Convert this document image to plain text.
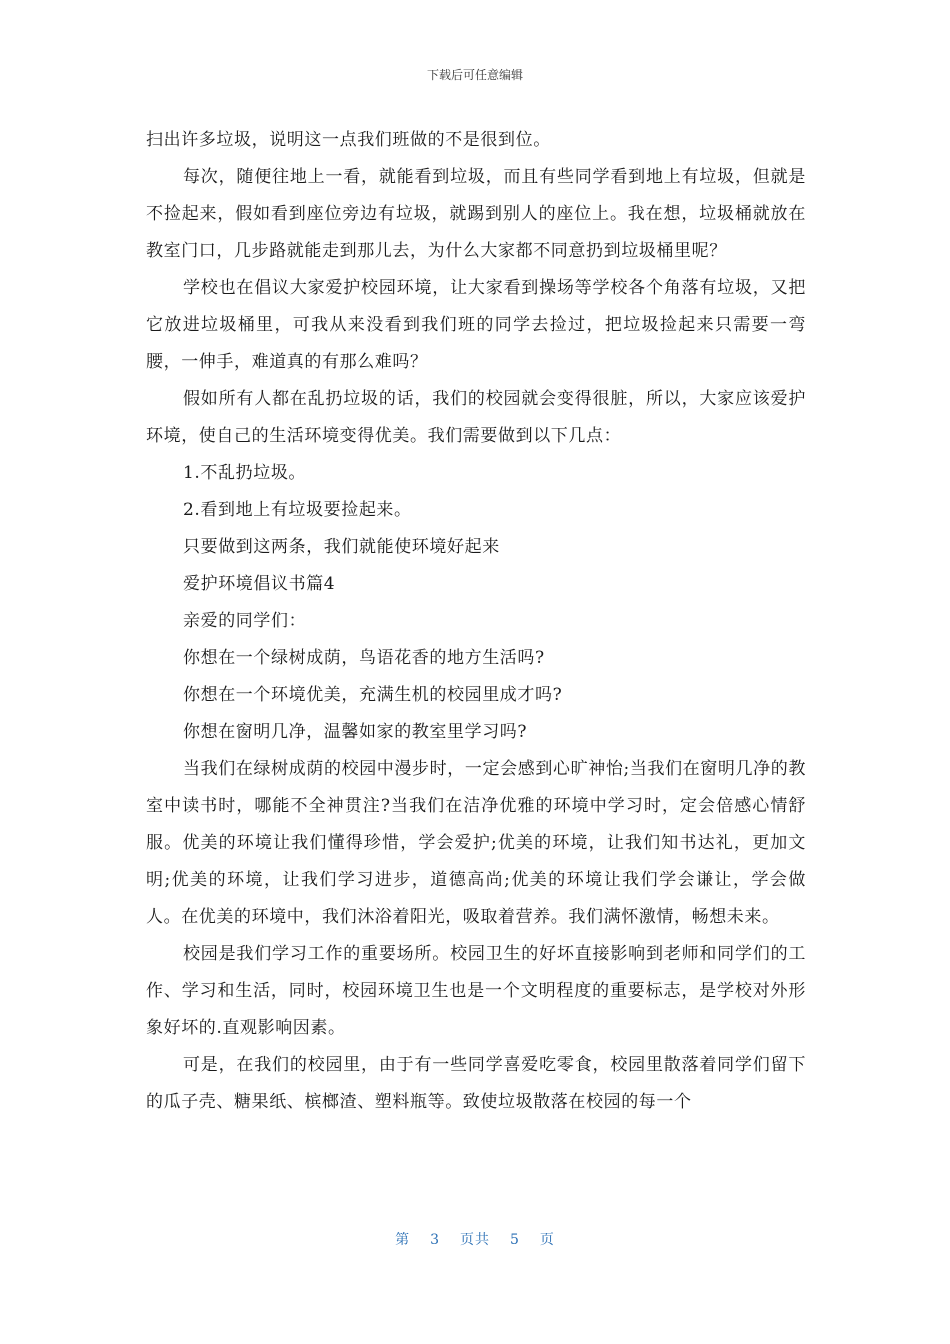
下载后可任意编辑

扫出许多垃圾，说明这一点我们班做的不是很到位。

每次，随便往地上一看，就能看到垃圾，而且有些同学看到地上有垃圾，但就是不捡起来，假如看到座位旁边有垃圾，就踢到别人的座位上。我在想，垃圾桶就放在教室门口，几步路就能走到那儿去，为什么大家都不同意扔到垃圾桶里呢？

学校也在倡议大家爱护校园环境，让大家看到操场等学校各个角落有垃圾，又把它放进垃圾桶里，可我从来没看到我们班的同学去捡过，把垃圾捡起来只需要一弯腰，一伸手，难道真的有那么难吗？

假如所有人都在乱扔垃圾的话，我们的校园就会变得很脏，所以，大家应该爱护环境，使自己的生活环境变得优美。我们需要做到以下几点：

1.不乱扔垃圾。

2.看到地上有垃圾要捡起来。

只要做到这两条，我们就能使环境好起来

爱护环境倡议书篇4

亲爱的同学们：

你想在一个绿树成荫，鸟语花香的地方生活吗?

你想在一个环境优美，充满生机的校园里成才吗?

你想在窗明几净，温馨如家的教室里学习吗?

当我们在绿树成荫的校园中漫步时，一定会感到心旷神怡;当我们在窗明几净的教室中读书时，哪能不全神贯注?当我们在洁净优雅的环境中学习时，定会倍感心情舒服。优美的环境让我们懂得珍惜，学会爱护;优美的环境，让我们知书达礼，更加文明;优美的环境，让我们学习进步，道德高尚;优美的环境让我们学会谦让，学会做人。在优美的环境中，我们沐浴着阳光，吸取着营养。我们满怀激情，畅想未来。

校园是我们学习工作的重要场所。校园卫生的好坏直接影响到老师和同学们的工作、学习和生活，同时，校园环境卫生也是一个文明程度的重要标志，是学校对外形象好坏的.直观影响因素。

可是，在我们的校园里，由于有一些同学喜爱吃零食，校园里散落着同学们留下的瓜子壳、糖果纸、槟榔渣、塑料瓶等。致使垃圾散落在校园的每一个

第 3 页共 5 页
